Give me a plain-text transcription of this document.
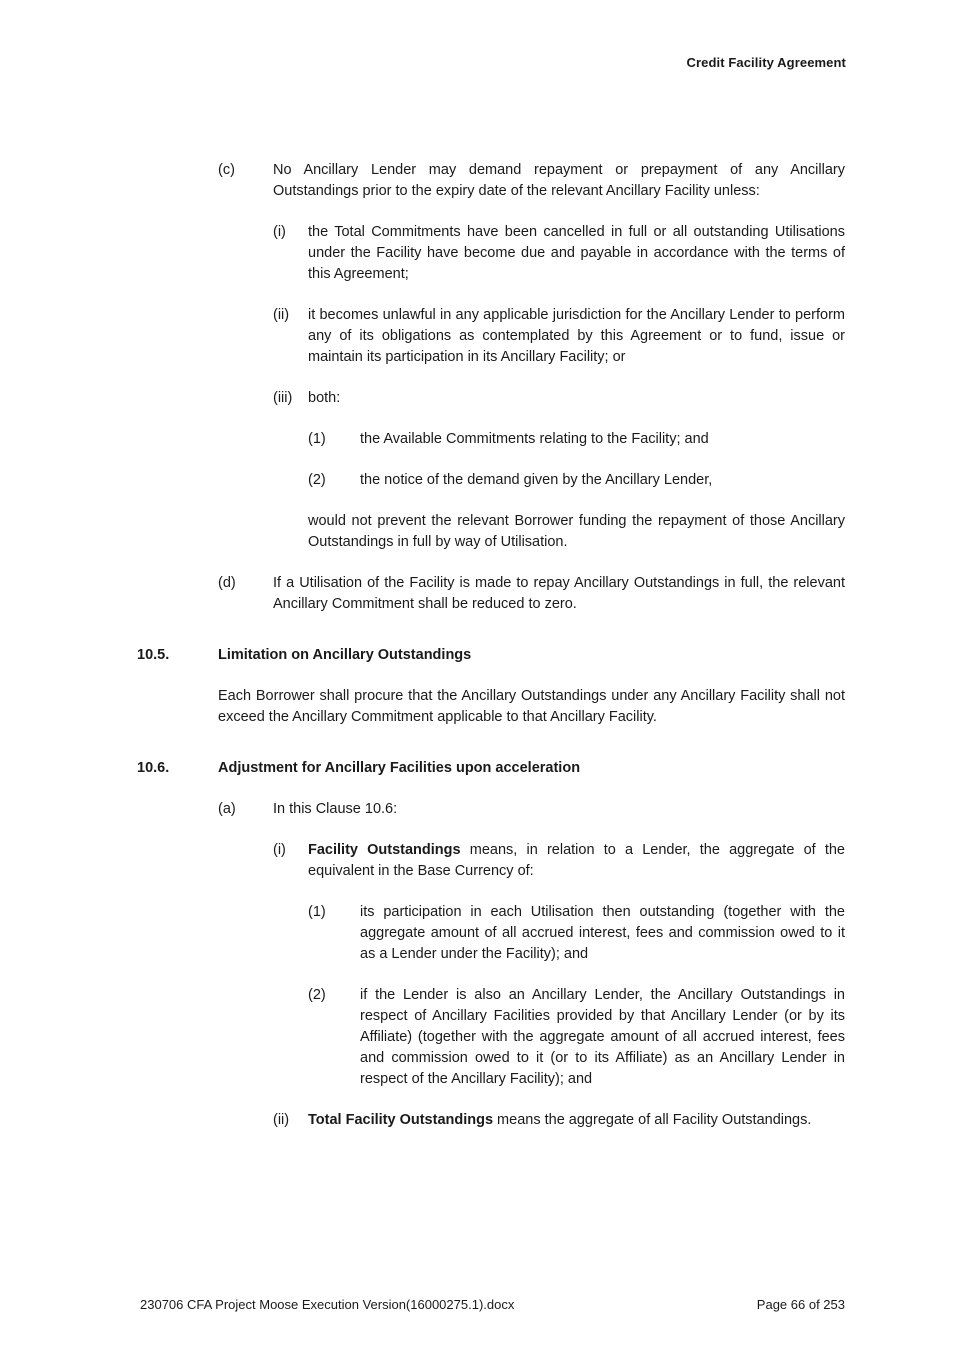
Credit Facility Agreement
(c)	No Ancillary Lender may demand repayment or prepayment of any Ancillary Outstandings prior to the expiry date of the relevant Ancillary Facility unless:
(i)	the Total Commitments have been cancelled in full or all outstanding Utilisations under the Facility have become due and payable in accordance with the terms of this Agreement;
(ii)	it becomes unlawful in any applicable jurisdiction for the Ancillary Lender to perform any of its obligations as contemplated by this Agreement or to fund, issue or maintain its participation in its Ancillary Facility; or
(iii)	both:
(1)	the Available Commitments relating to the Facility; and
(2)	the notice of the demand given by the Ancillary Lender,
would not prevent the relevant Borrower funding the repayment of those Ancillary Outstandings in full by way of Utilisation.
(d)	If a Utilisation of the Facility is made to repay Ancillary Outstandings in full, the relevant Ancillary Commitment shall be reduced to zero.
10.5.	Limitation on Ancillary Outstandings
Each Borrower shall procure that the Ancillary Outstandings under any Ancillary Facility shall not exceed the Ancillary Commitment applicable to that Ancillary Facility.
10.6.	Adjustment for Ancillary Facilities upon acceleration
(a)	In this Clause 10.6:
(i)	Facility Outstandings means, in relation to a Lender, the aggregate of the equivalent in the Base Currency of:
(1)	its participation in each Utilisation then outstanding (together with the aggregate amount of all accrued interest, fees and commission owed to it as a Lender under the Facility); and
(2)	if the Lender is also an Ancillary Lender, the Ancillary Outstandings in respect of Ancillary Facilities provided by that Ancillary Lender (or by its Affiliate) (together with the aggregate amount of all accrued interest, fees and commission owed to it (or to its Affiliate) as an Ancillary Lender in respect of the Ancillary Facility); and
(ii)	Total Facility Outstandings means the aggregate of all Facility Outstandings.
230706 CFA Project Moose Execution Version(16000275.1).docx	Page 66 of 253
